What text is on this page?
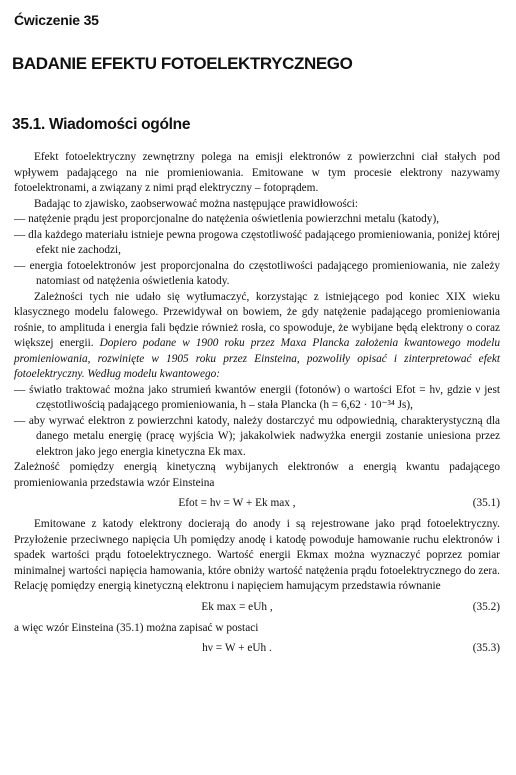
Ćwiczenie 35
BADANIE EFEKTU FOTOELEKTRYCZNEGO
35.1. Wiadomości ogólne

Efekt fotoelektryczny zewnętrzny polega na emisji elektronów z powierzchni ciał stałych pod wpływem padającego na nie promieniowania. Emitowane w tym procesie elektrony nazywamy fotoelektronami, a związany z nimi prąd elektryczny – fotoprądem.

Badając to zjawisko, zaobserwować można następujące prawidłowości:

— natężenie prądu jest proporcjonalne do natężenia oświetlenia powierzchni metalu (katody),

— dla każdego materiału istnieje pewna progowa częstotliwość padającego promieniowania, poniżej której efekt nie zachodzi,

— energia fotoelektronów jest proporcjonalna do częstotliwości padającego promieniowania, nie zależy natomiast od natężenia oświetlenia katody.

Zależności tych nie udało się wytłumaczyć, korzystając z istniejącego pod koniec XIX wieku klasycznego modelu falowego. Przewidywał on bowiem, że gdy natężenie padającego promieniowania rośnie, to amplituda i energia fali będzie również rosła, co spowoduje, że wybijane będą elektrony o coraz większej energii. Dopiero podane w 1900 roku przez Maxa Plancka założenia kwantowego modelu promieniowania, rozwinięte w 1905 roku przez Einsteina, pozwoliły opisać i zinterpretować efekt fotoelektryczny. Według modelu kwantowego:

— światło traktować można jako strumień kwantów energii (fotonów) o wartości Efot = hν, gdzie ν jest częstotliwością padającego promieniowania, h – stała Plancka (h = 6,62 · 10⁻³⁴ Js),

— aby wyrwać elektron z powierzchni katody, należy dostarczyć mu odpowiednią, charakterystyczną dla danego metalu energię (pracę wyjścia W); jakakolwiek nadwyżka energii zostanie uniesiona przez elektron jako jego energia kinetyczna Ek max.

Zależność pomiędzy energią kinetyczną wybijanych elektronów a energią kwantu padającego promieniowania przedstawia wzór Einsteina

Efot = hν = W + Ek max ,	(35.1)

Emitowane z katody elektrony docierają do anody i są rejestrowane jako prąd fotoelektryczny. Przyłożenie przeciwnego napięcia Uh pomiędzy anodę i katodę powoduje hamowanie ruchu elektronów i spadek wartości prądu fotoelektrycznego. Wartość energii Ekmax można wyznaczyć poprzez pomiar minimalnej wartości napięcia hamowania, które obniży wartość natężenia prądu fotoelektrycznego do zera. Relację pomiędzy energią kinetyczną elektronu i napięciem hamującym przedstawia równanie

Ek max = eUh ,	(35.2)

a więc wzór Einsteina (35.1) można zapisać w postaci

hν = W + eUh .	(35.3)
